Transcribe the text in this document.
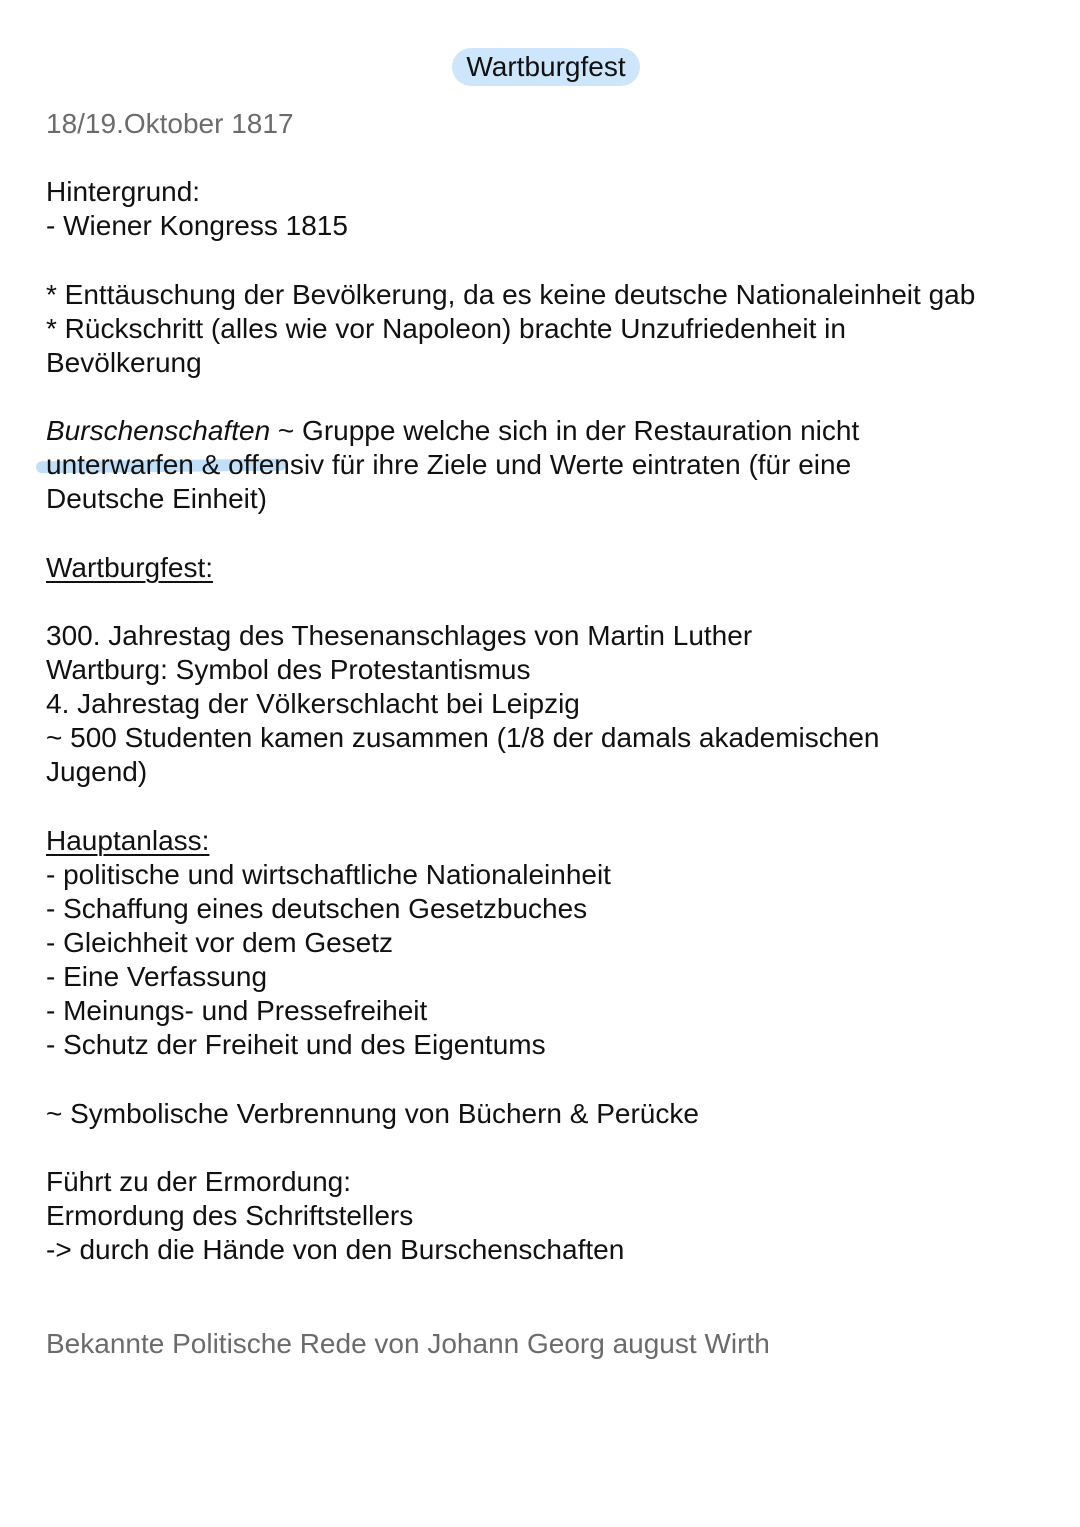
Wartburgfest
18/19.Oktober 1817
Hintergrund:
- Wiener Kongress 1815
* Enttäuschung der Bevölkerung, da es keine deutsche Nationaleinheit gab
* Rückschritt (alles wie vor Napoleon) brachte Unzufriedenheit in
Bevölkerung
Burschenschaften ~ Gruppe welche sich in der Restauration nicht
unterwarfen & offensiv für ihre Ziele und Werte eintraten (für eine
Deutsche Einheit)
Wartburgfest:
300. Jahrestag des Thesenanschlages von Martin Luther
Wartburg: Symbol des Protestantismus
4. Jahrestag der Völkerschlacht bei Leipzig
~ 500 Studenten kamen zusammen (1/8 der damals akademischen
Jugend)
Hauptanlass:
- politische und wirtschaftliche Nationaleinheit
- Schaffung eines deutschen Gesetzbuches
- Gleichheit vor dem Gesetz
- Eine Verfassung
- Meinungs- und Pressefreiheit
- Schutz der Freiheit und des Eigentums
~ Symbolische Verbrennung von Büchern & Perücke
Führt zu der Ermordung:
Ermordung des Schriftstellers
-> durch die Hände von den Burschenschaften
Bekannte Politische Rede von Johann Georg august Wirth
